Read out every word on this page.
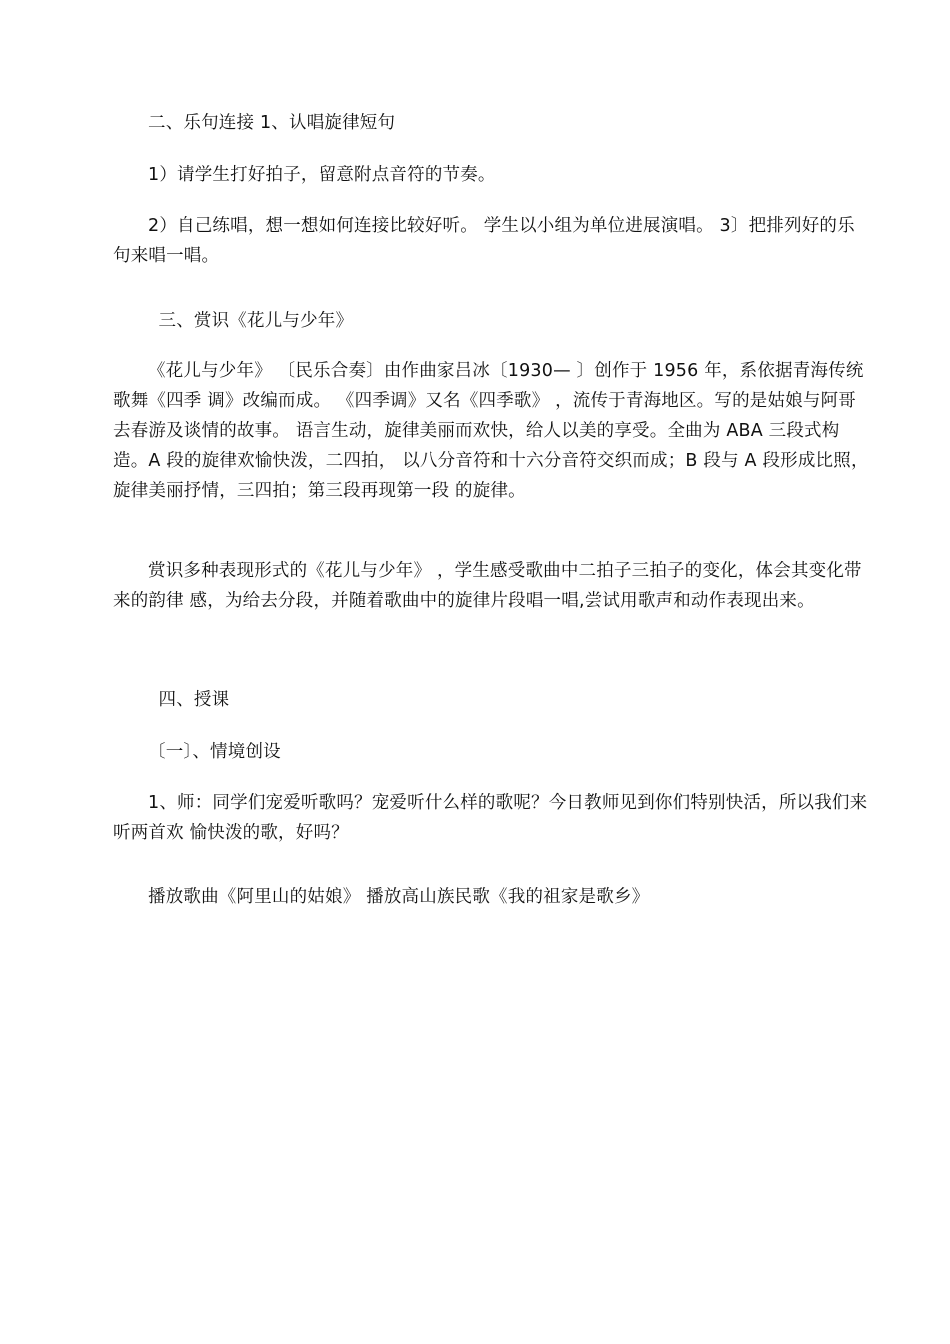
二、乐句连接 1、认唱旋律短句

1）请学生打好拍子，留意附点音符的节奏。

2）自己练唱，想一想如何连接比较好听。 学生以小组为单位进展演唱。 3〕把排列好的乐句来唱一唱。

三、赏识《花儿与少年》

《花儿与少年》 〔民乐合奏〕由作曲家吕冰〔1930— 〕创作于 1956 年，系依据青海传统歌舞《四季 调》改编而成。 《四季调》又名《四季歌》 ，流传于青海地区。写的是姑娘与阿哥去春游及谈情的故事。 语言生动，旋律美丽而欢快，给人以美的享受。全曲为 ABA 三段式构造。A 段的旋律欢愉快泼，二四拍， 以八分音符和十六分音符交织而成；B 段与 A 段形成比照，旋律美丽抒情，三四拍；第三段再现第一段 的旋律。

赏识多种表现形式的《花儿与少年》 ，学生感受歌曲中二拍子三拍子的变化，体会其变化带来的韵律 感，为给去分段，并随着歌曲中的旋律片段唱一唱,尝试用歌声和动作表现出来。

四、授课

〔一〕、情境创设

1、师：同学们宠爱听歌吗？宠爱听什么样的歌呢？今日教师见到你们特别快活，所以我们来听两首欢 愉快泼的歌，好吗？

播放歌曲《阿里山的姑娘》 播放高山族民歌《我的祖家是歌乡》
